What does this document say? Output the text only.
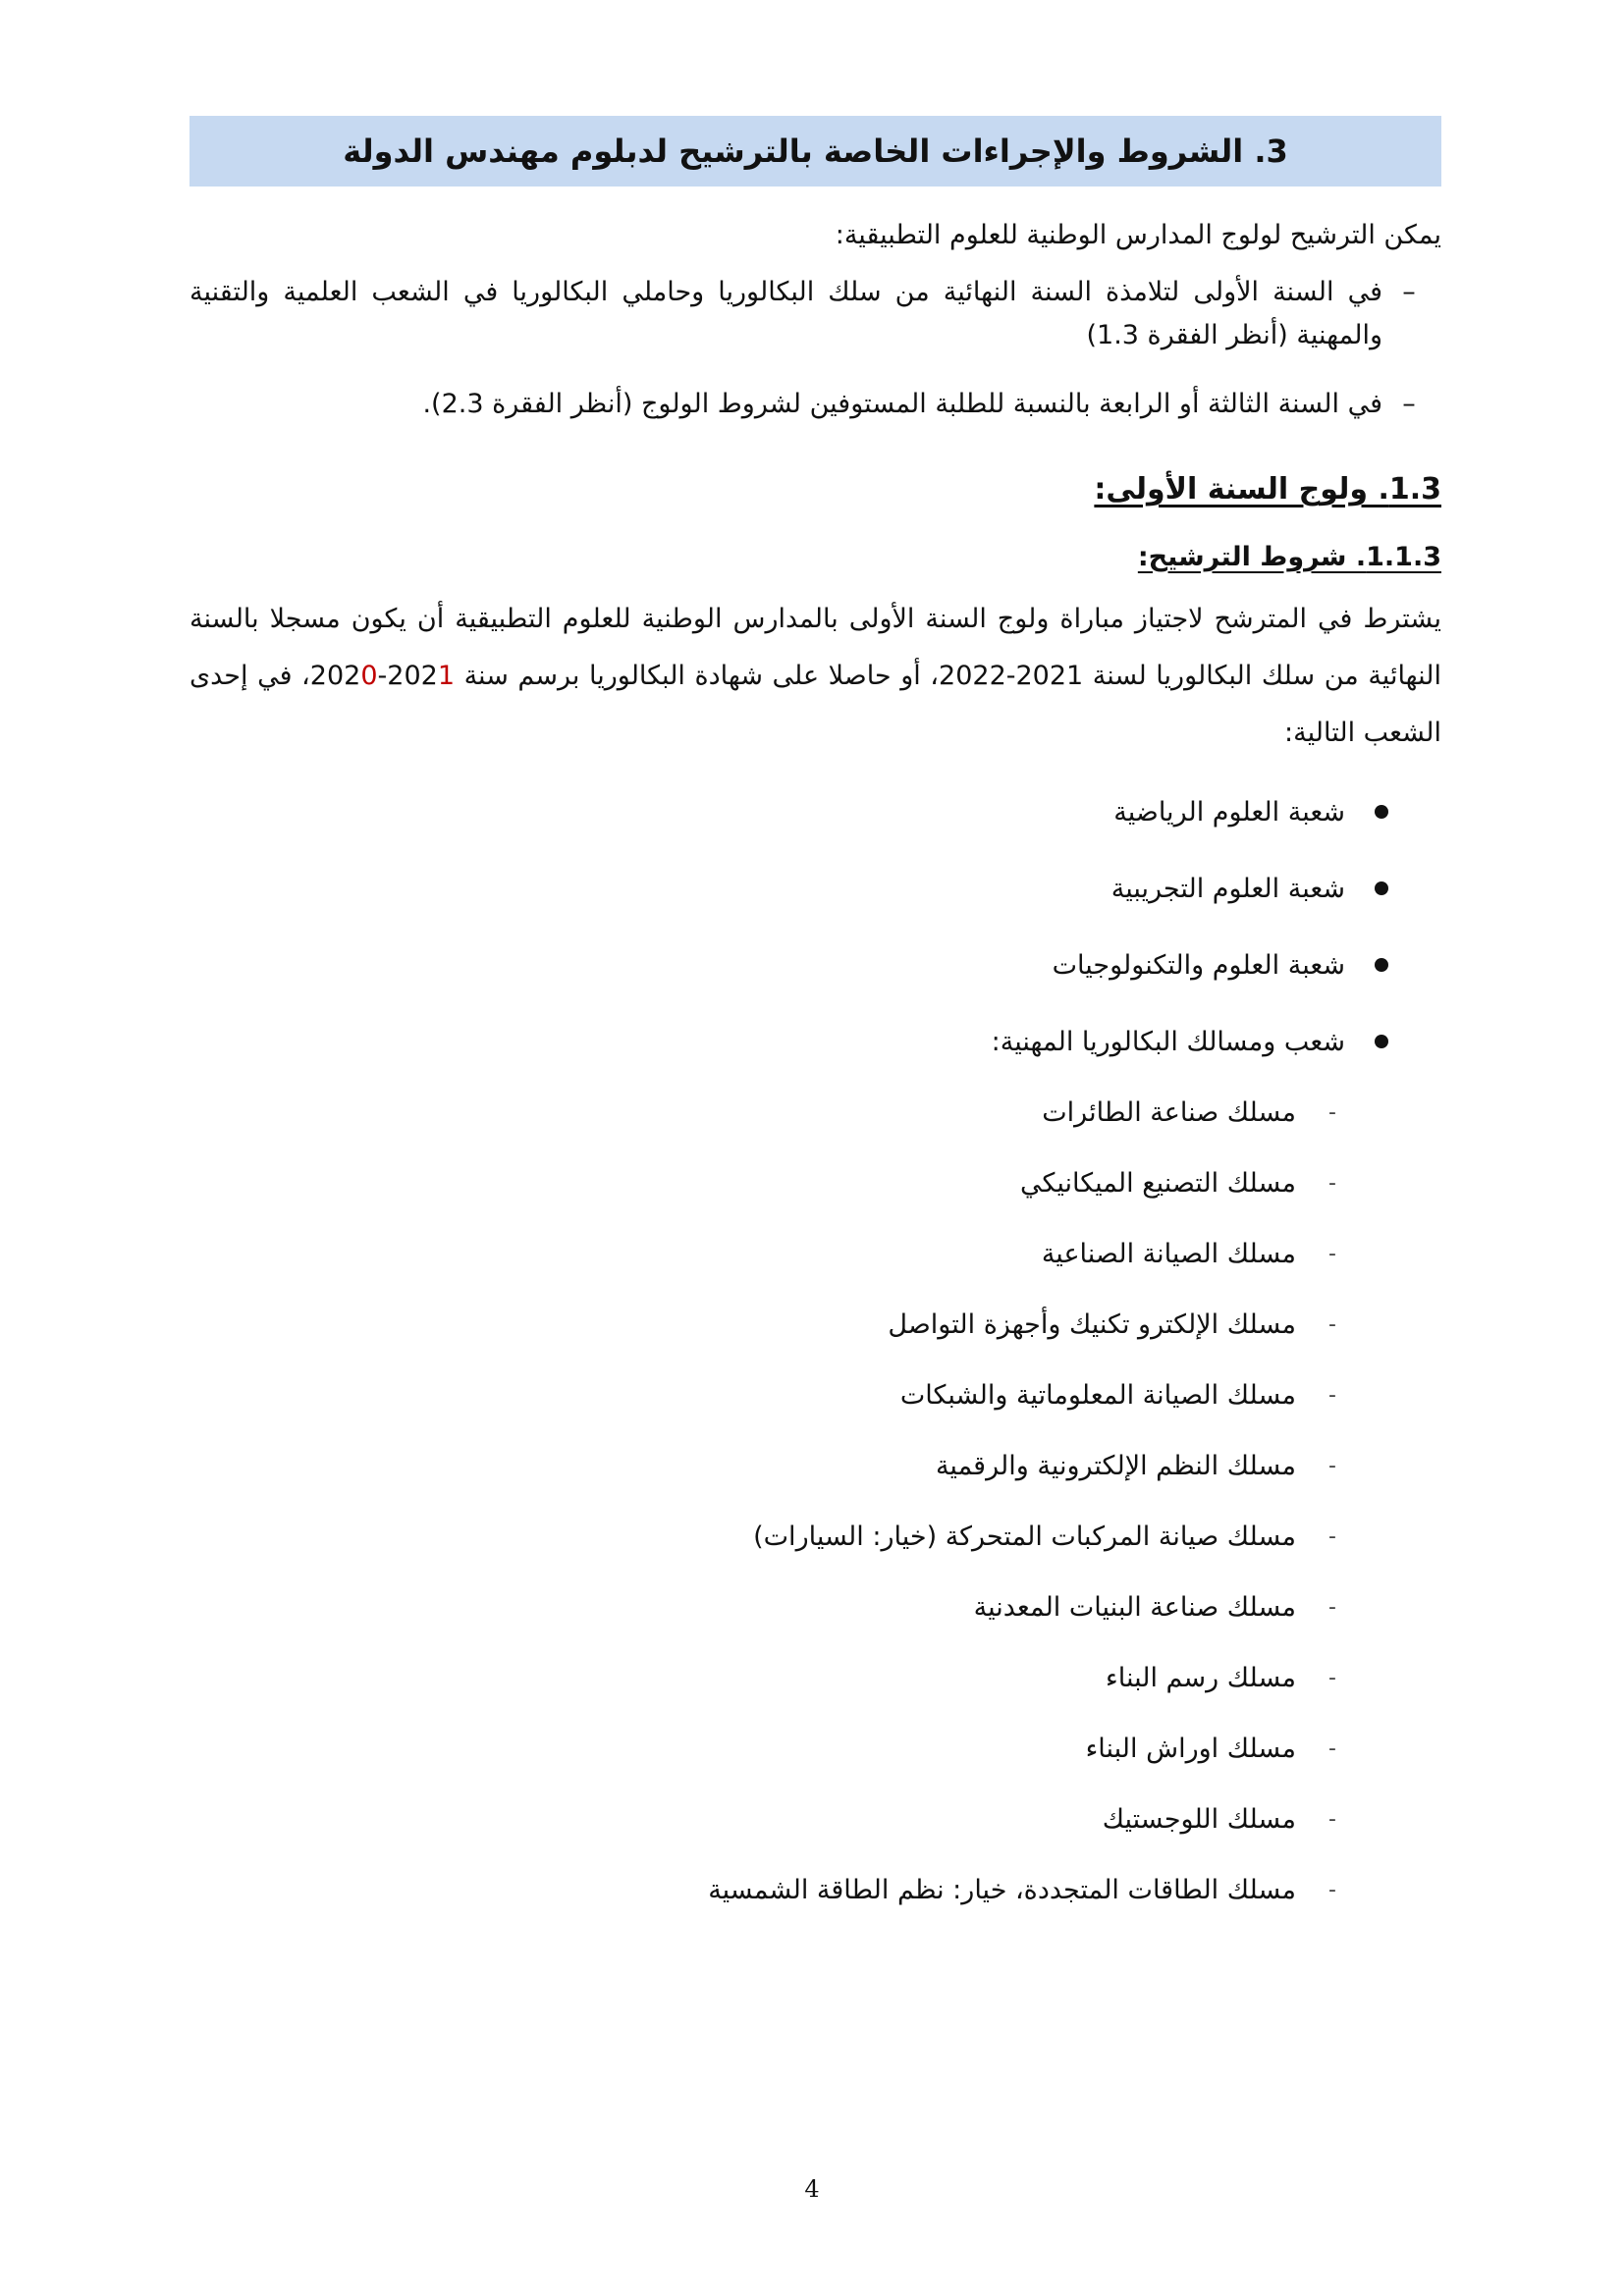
3. الشروط والإجراءات الخاصة بالترشيح لدبلوم مهندس الدولة

يمكن الترشيح لولوج المدارس الوطنية للعلوم التطبيقية:

–
في السنة الأولى لتلامذة السنة النهائية من سلك البكالوريا وحاملي البكالوريا في الشعب العلمية والتقنية والمهنية (أنظر الفقرة 1.3)
–
في السنة الثالثة أو الرابعة بالنسبة للطلبة المستوفين لشروط الولوج (أنظر الفقرة 2.3).
1.3. ولوج السنة الأولى:
1.1.3. شروط الترشيح:

يشترط في المترشح لاجتياز مباراة ولوج السنة الأولى بالمدارس الوطنية للعلوم التطبيقية أن يكون مسجلا بالسنة النهائية من سلك البكالوريا لسنة 2021-2022، أو حاصلا على شهادة البكالوريا برسم سنة 2021-2020، في إحدى الشعب التالية:

شعبة العلوم الرياضية
شعبة العلوم التجريبية
شعبة العلوم والتكنولوجيات
شعب ومسالك البكالوريا المهنية:
-
مسلك صناعة الطائرات
-
مسلك التصنيع الميكانيكي
-
مسلك الصيانة الصناعية
-
مسلك الإلكترو تكنيك وأجهزة التواصل
-
مسلك الصيانة المعلوماتية والشبكات
-
مسلك النظم الإلكترونية والرقمية
-
مسلك صيانة المركبات المتحركة (خيار: السيارات)
-
مسلك صناعة البنيات المعدنية
-
مسلك رسم البناء
-
مسلك اوراش البناء
-
مسلك اللوجستيك
-
مسلك الطاقات المتجددة، خيار: نظم الطاقة الشمسية
4
